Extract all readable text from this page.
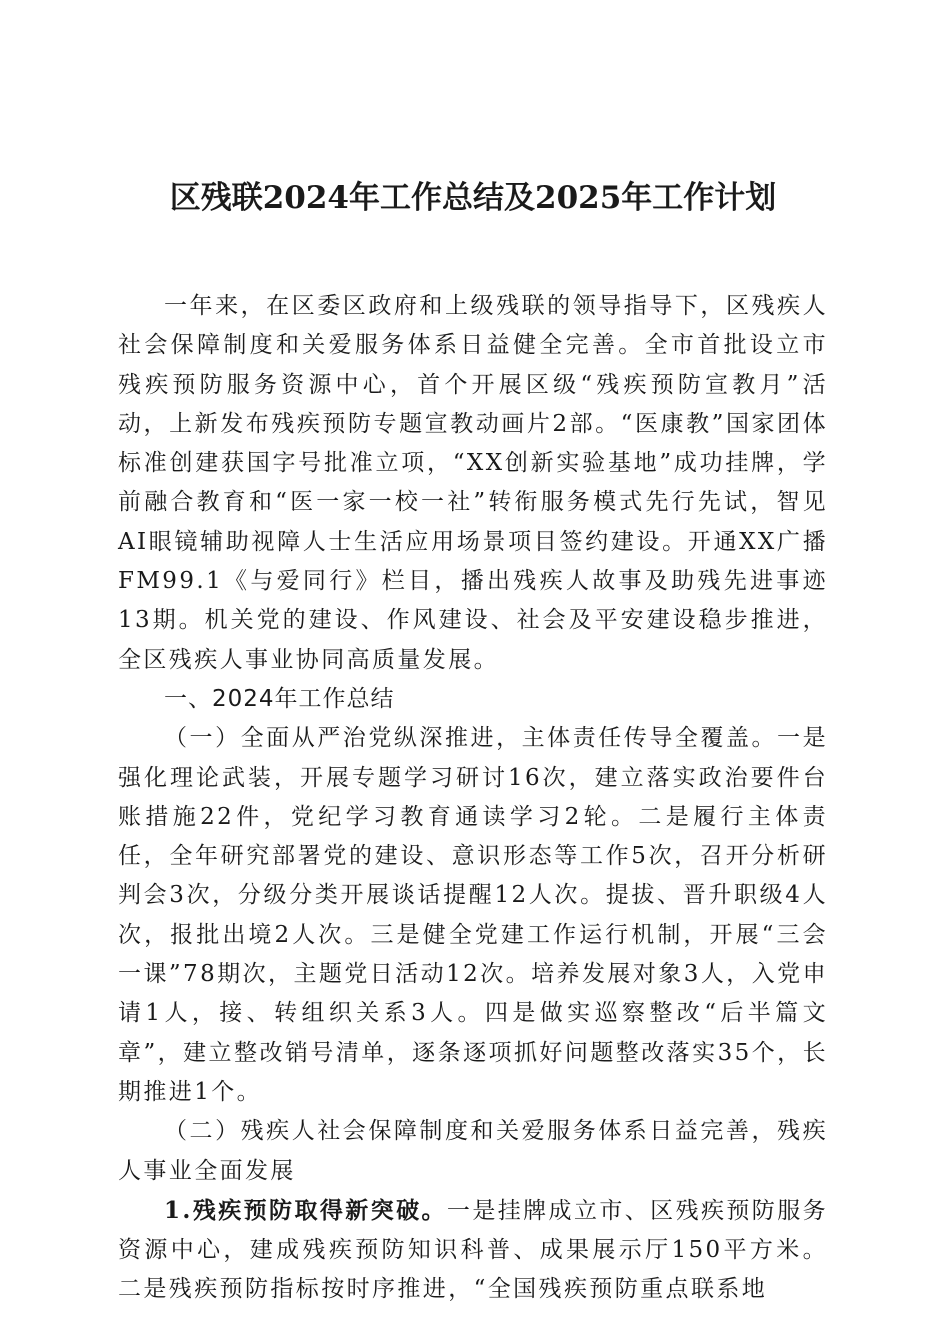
区残联2024年工作总结及2025年工作计划

一年来，在区委区政府和上级残联的领导指导下，区残疾人社会保障制度和关爱服务体系日益健全完善。全市首批设立市残疾预防服务资源中心，首个开展区级“残疾预防宣教月”活动，上新发布残疾预防专题宣教动画片2部。“医康教”国家团体标准创建获国字号批准立项，“XX创新实验基地”成功挂牌，学前融合教育和“医一家一校一社”转衔服务模式先行先试，智见AI眼镜辅助视障人士生活应用场景项目签约建设。开通XX广播FM99.1《与爱同行》栏目，播出残疾人故事及助残先进事迹13期。机关党的建设、作风建设、社会及平安建设稳步推进，全区残疾人事业协同高质量发展。

一、2024年工作总结

（一）全面从严治党纵深推进，主体责任传导全覆盖。一是强化理论武装，开展专题学习研讨16次，建立落实政治要件台账措施22件，党纪学习教育通读学习2轮。二是履行主体责任，全年研究部署党的建设、意识形态等工作5次，召开分析研判会3次，分级分类开展谈话提醒12人次。提拔、晋升职级4人次，报批出境2人次。三是健全党建工作运行机制，开展“三会一课”78期次，主题党日活动12次。培养发展对象3人，入党申请1人，接、转组织关系3人。四是做实巡察整改“后半篇文章”，建立整改销号清单，逐条逐项抓好问题整改落实35个，长期推进1个。

（二）残疾人社会保障制度和关爱服务体系日益完善，残疾人事业全面发展

1.残疾预防取得新突破。一是挂牌成立市、区残疾预防服务资源中心，建成残疾预防知识科普、成果展示厅150平方米。二是残疾预防指标按时序推进，“全国残疾预防重点联系地
